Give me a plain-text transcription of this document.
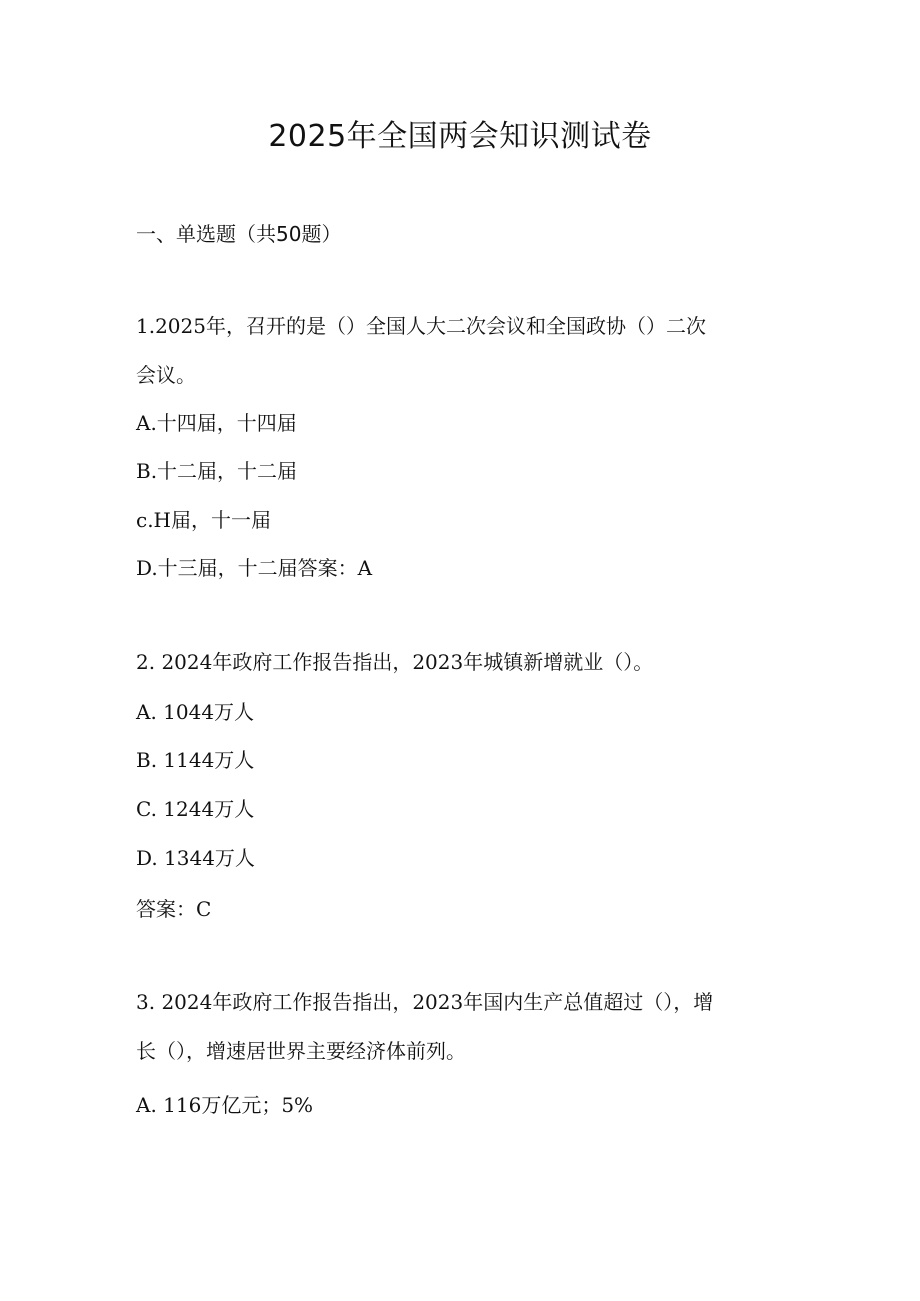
2025年全国两会知识测试卷
一、单选题（共50题）

1.2025年，召开的是（）全国人大二次会议和全国政协（）二次

会议。

A.十四届，十四届

B.十二届，十二届

c.H届，十一届

D.十三届，十二届答案：A

2. 2024年政府工作报告指出，2023年城镇新增就业（）。

A. 1044万人

B. 1144万人

C. 1244万人

D. 1344万人

答案：C

3. 2024年政府工作报告指出，2023年国内生产总值超过（），增

长（），增速居世界主要经济体前列。

A. 116万亿元；5%
